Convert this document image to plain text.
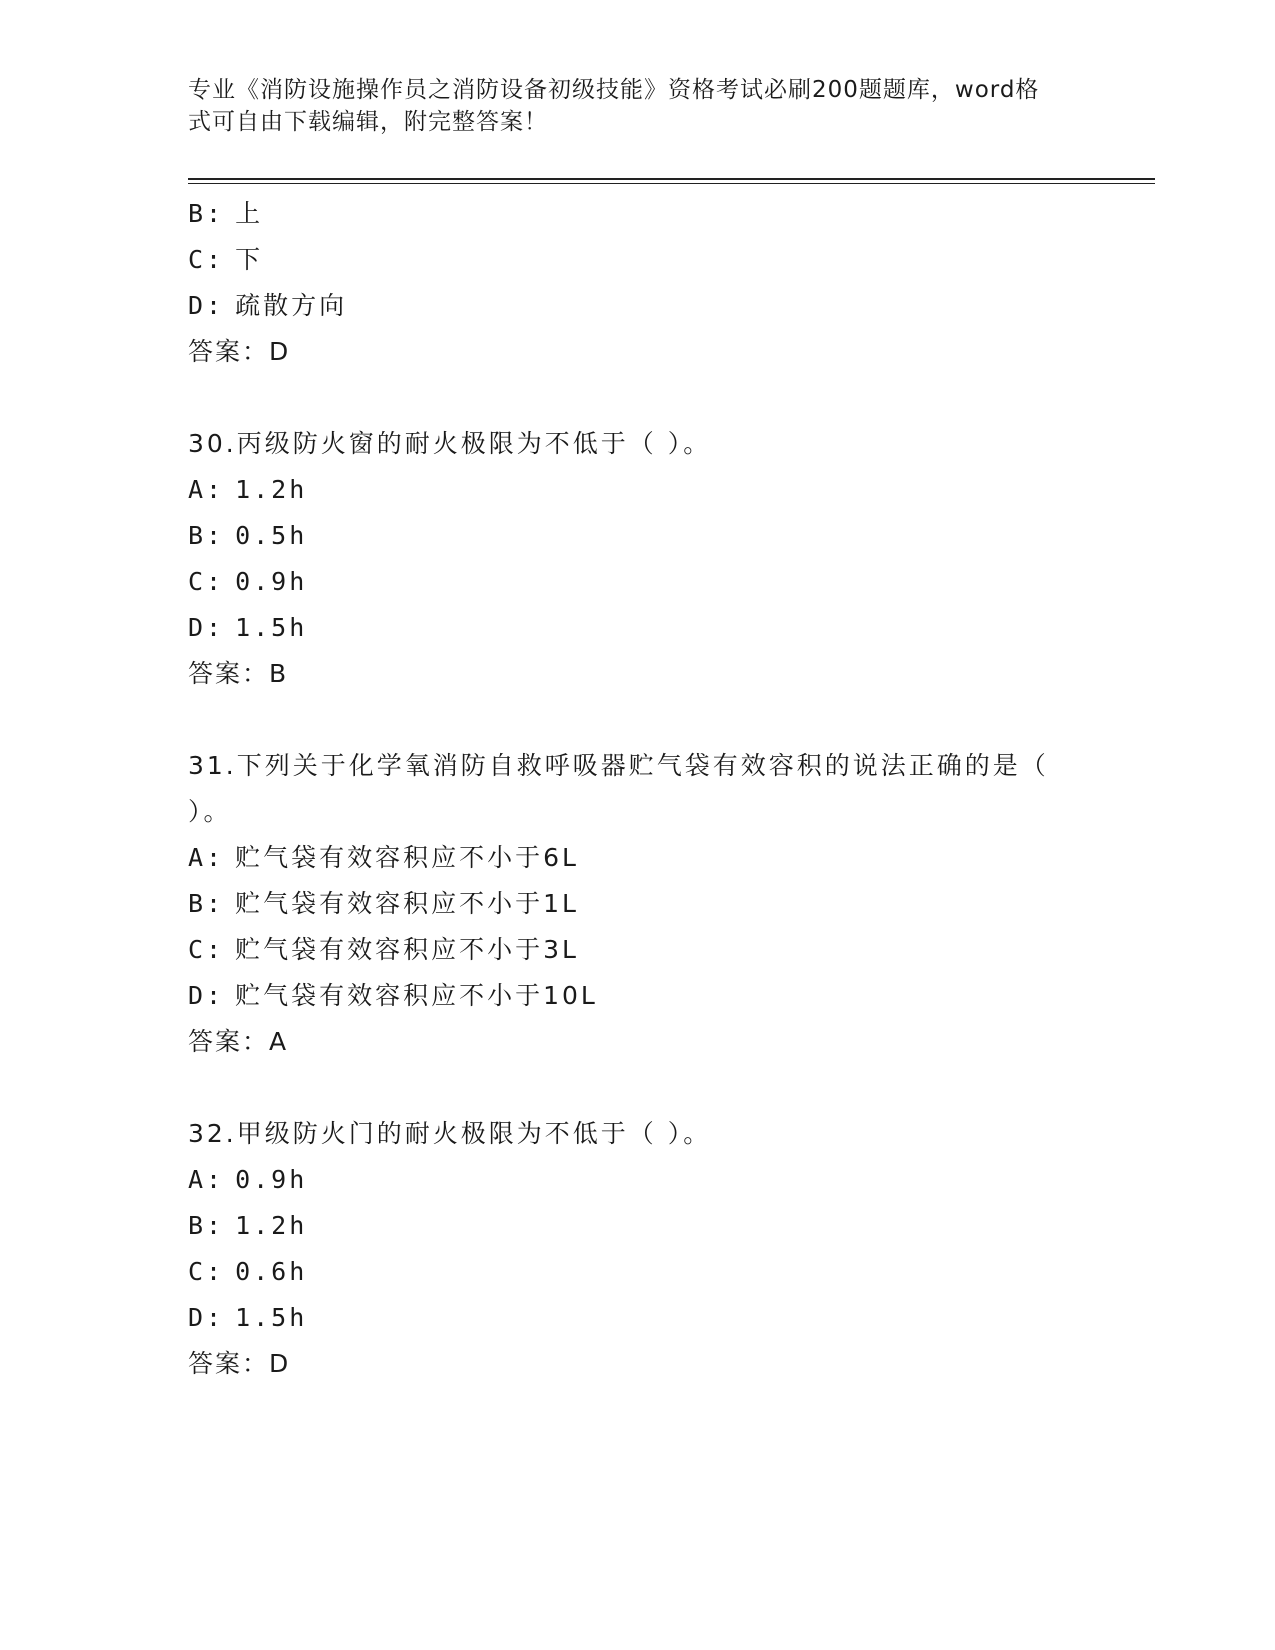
专业《消防设施操作员之消防设备初级技能》资格考试必刷200题题库，word格
式可自由下载编辑，附完整答案！
B: 上
C: 下
D: 疏散方向
答案：D
30.丙级防火窗的耐火极限为不低于（ ）。
A: 1.2h
B: 0.5h
C: 0.9h
D: 1.5h
答案：B
31.下列关于化学氧消防自救呼吸器贮气袋有效容积的说法正确的是（
）。
A: 贮气袋有效容积应不小于6L
B: 贮气袋有效容积应不小于1L
C: 贮气袋有效容积应不小于3L
D: 贮气袋有效容积应不小于10L
答案：A
32.甲级防火门的耐火极限为不低于（ ）。
A: 0.9h
B: 1.2h
C: 0.6h
D: 1.5h
答案：D
